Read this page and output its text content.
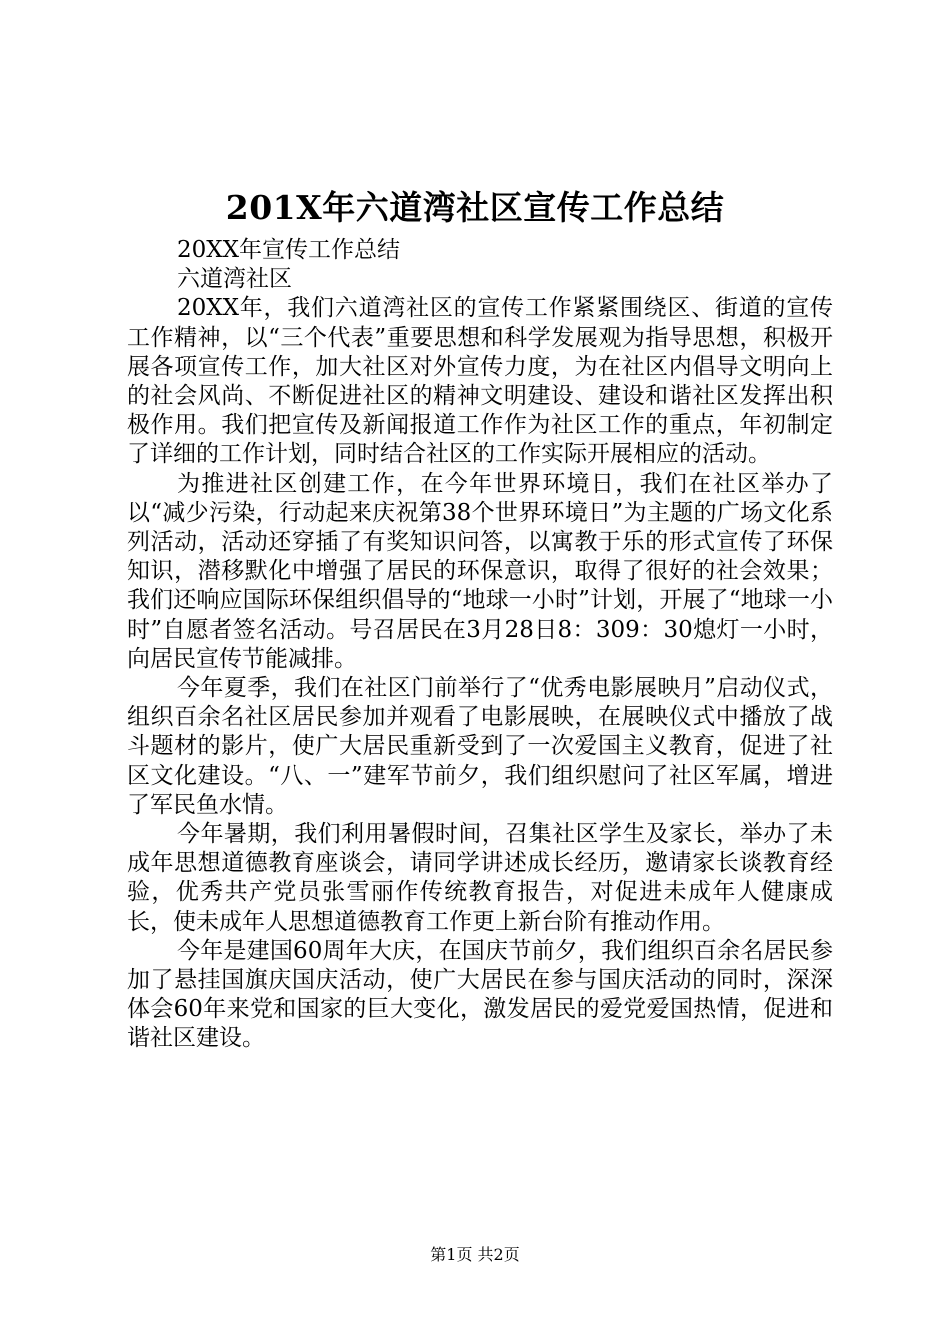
201X年六道湾社区宣传工作总结

20XX年宣传工作总结

六道湾社区

20XX年，我们六道湾社区的宣传工作紧紧围绕区、街道的宣传工作精神，以“三个代表”重要思想和科学发展观为指导思想，积极开展各项宣传工作，加大社区对外宣传力度，为在社区内倡导文明向上的社会风尚、不断促进社区的精神文明建设、建设和谐社区发挥出积极作用。我们把宣传及新闻报道工作作为社区工作的重点，年初制定了详细的工作计划，同时结合社区的工作实际开展相应的活动。

为推进社区创建工作，在今年世界环境日，我们在社区举办了以“减少污染，行动起来庆祝第38个世界环境日”为主题的广场文化系列活动，活动还穿插了有奖知识问答，以寓教于乐的形式宣传了环保知识，潜移默化中增强了居民的环保意识，取得了很好的社会效果；我们还响应国际环保组织倡导的“地球一小时”计划，开展了“地球一小时”自愿者签名活动。号召居民在3月28日8：309：30熄灯一小时，向居民宣传节能减排。

今年夏季，我们在社区门前举行了“优秀电影展映月”启动仪式，组织百余名社区居民参加并观看了电影展映，在展映仪式中播放了战斗题材的影片，使广大居民重新受到了一次爱国主义教育，促进了社区文化建设。“八、一”建军节前夕，我们组织慰问了社区军属，增进了军民鱼水情。

今年暑期，我们利用暑假时间，召集社区学生及家长，举办了未成年思想道德教育座谈会，请同学讲述成长经历，邀请家长谈教育经验，优秀共产党员张雪丽作传统教育报告，对促进未成年人健康成长，使未成年人思想道德教育工作更上新台阶有推动作用。

今年是建国60周年大庆，在国庆节前夕，我们组织百余名居民参加了悬挂国旗庆国庆活动，使广大居民在参与国庆活动的同时，深深体会60年来党和国家的巨大变化，激发居民的爱党爱国热情，促进和谐社区建设。

第1页 共2页
